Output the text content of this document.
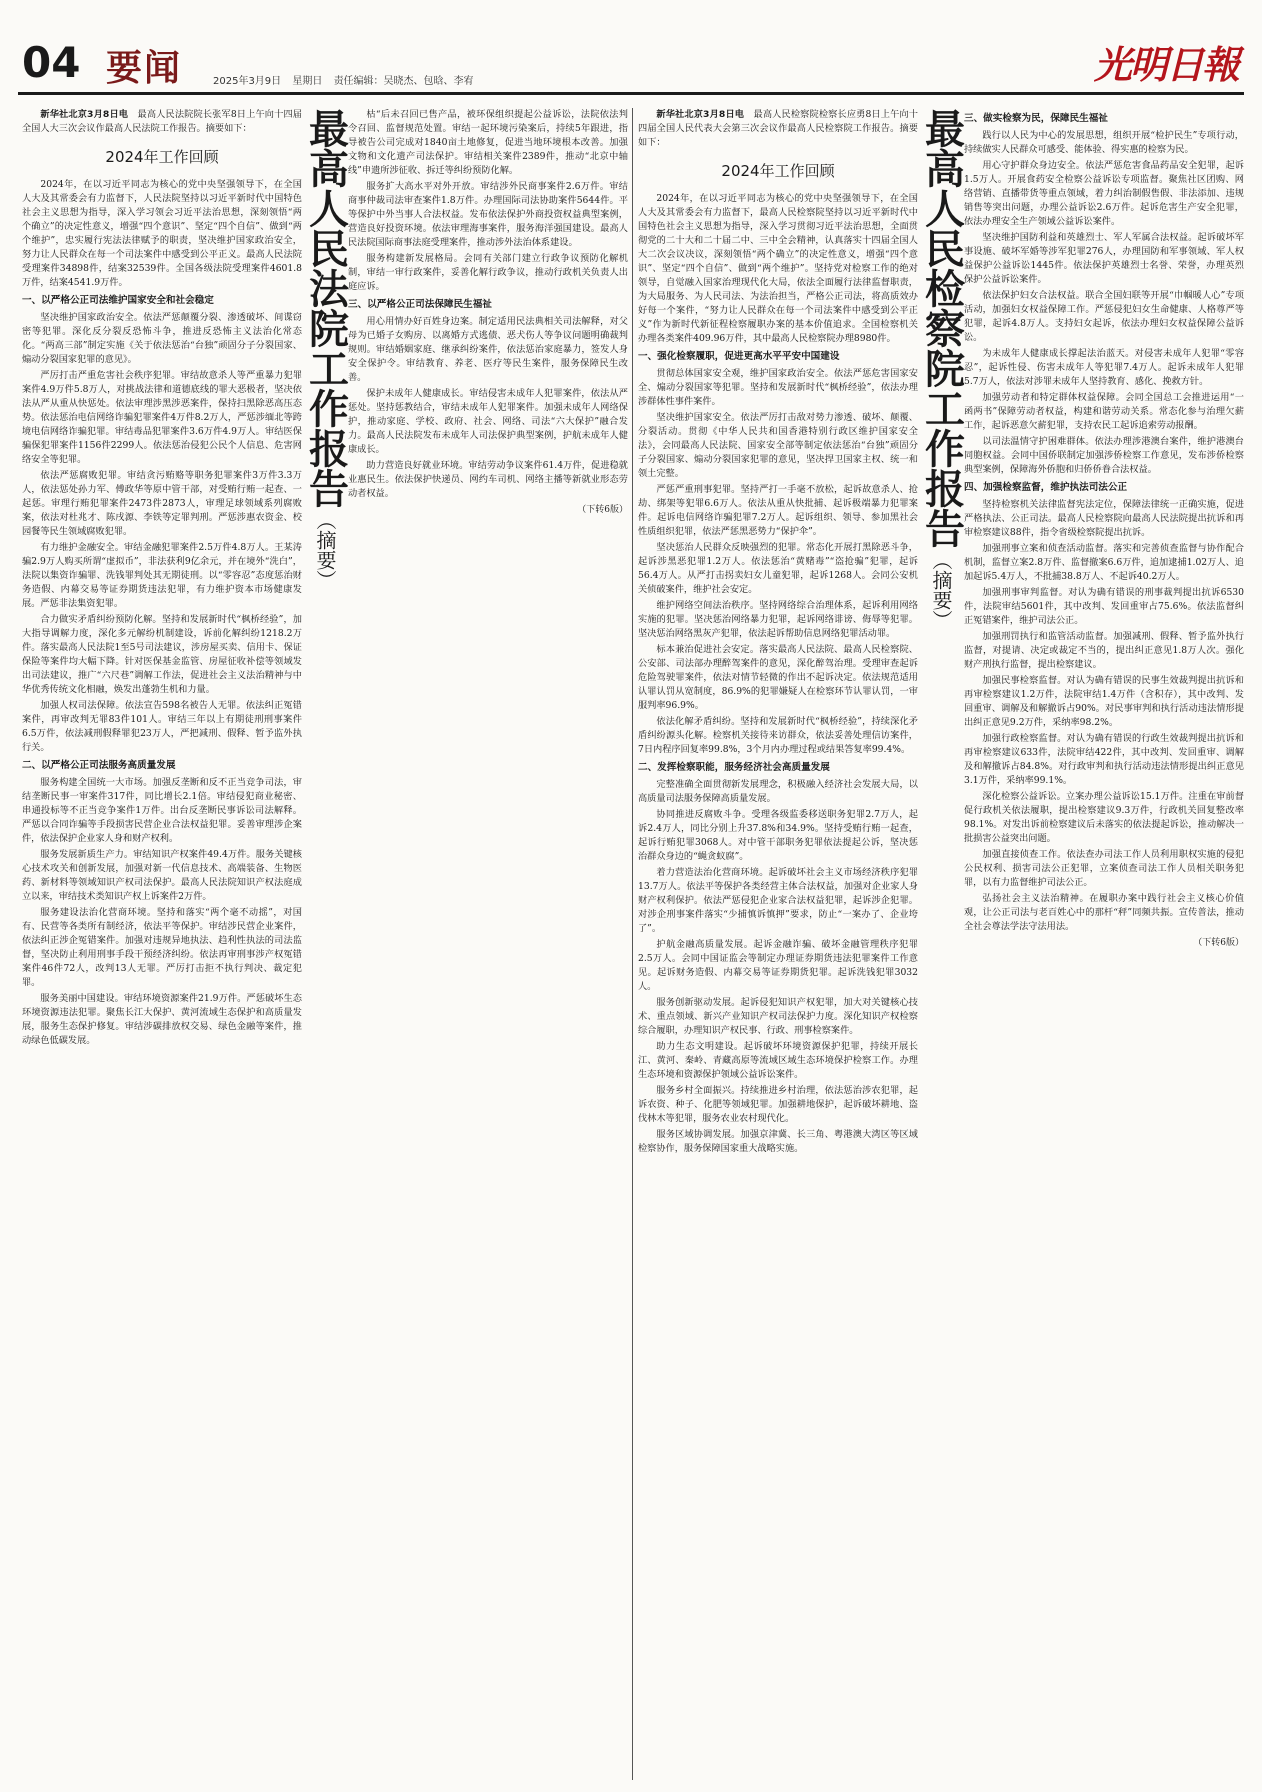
04 要闻	2025年3月9日 星期日 责任编辑：吴晓杰、包晗、李宥	光明日報

新华社北京3月8日电　 最高人民法院院长张军8日上午向十四届全国人大三次会议作最高人民法院工作报告。摘要如下：

2024年工作回顾

2024年，在以习近平同志为核心的党中央坚强领导下，在全国人大及其常委会有力监督下，人民法院坚持以习近平新时代中国特色社会主义思想为指导，深入学习领会习近平法治思想，深刻领悟“两个确立”的决定性意义，增强“四个意识”、坚定“四个自信”、做到“两个维护”，忠实履行宪法法律赋予的职责，坚决维护国家政治安全，努力让人民群众在每一个司法案件中感受到公平正义。最高人民法院受理案件34898件，结案32539件。全国各级法院受理案件4601.8万件，结案4541.9万件。

一、以严格公正司法维护国家安全和社会稳定

坚决维护国家政治安全。依法严惩颠覆分裂、渗透破坏、间谍窃密等犯罪。深化反分裂反恐怖斗争，推进反恐怖主义法治化常态化。“两高三部”制定实施《关于依法惩治“台独”顽固分子分裂国家、煽动分裂国家犯罪的意见》。

严厉打击严重危害社会秩序犯罪。审结故意杀人等严重暴力犯罪案件4.9万件5.8万人，对挑战法律和道德底线的罪大恶极者，坚决依法从严从重从快惩处。依法审理涉黑涉恶案件，保持扫黑除恶高压态势。依法惩治电信网络诈骗犯罪案件4万件8.2万人，严惩涉缅北等跨境电信网络诈骗犯罪。审结毒品犯罪案件3.6万件4.9万人。审结医保骗保犯罪案件1156件2299人。依法惩治侵犯公民个人信息、危害网络安全等犯罪。

依法严惩腐败犯罪。审结贪污贿赂等职务犯罪案件3万件3.3万人，依法惩处孙力军、傅政华等原中管干部，对受贿行贿一起查、一起惩。审理行贿犯罪案件2473件2873人，审理足球领域系列腐败案，依法对杜兆才、陈戌源、李铁等定罪判刑。严惩涉惠农资金、校园餐等民生领域腐败犯罪。

有力维护金融安全。审结金融犯罪案件2.5万件4.8万人。王某涛骗2.9万人购买所谓“虚拟币”，非法获利9亿余元，并在境外“洗白”，法院以集资诈骗罪、洗钱罪判处其无期徒刑。以“零容忍”态度惩治财务造假、内幕交易等证券期货违法犯罪，有力维护资本市场健康发展。严惩非法集资犯罪。

合力做实矛盾纠纷预防化解。坚持和发展新时代“枫桥经验”，加大指导调解力度，深化多元解纷机制建设，诉前化解纠纷1218.2万件。落实最高人民法院1至5号司法建议，涉房屋买卖、信用卡、保证保险等案件均大幅下降。针对医保基金监管、房屋征收补偿等领域发出司法建议，推广“六尺巷”调解工作法，促进社会主义法治精神与中华优秀传统文化相融，焕发出蓬勃生机和力量。

加强人权司法保障。依法宣告598名被告人无罪。依法纠正冤错案件，再审改判无罪83件101人。审结三年以上有期徒刑刑事案件6.5万件，依法减刑假释罪犯23万人，严把减刑、假释、暂予监外执行关。

二、以严格公正司法服务高质量发展

服务构建全国统一大市场。加强反垄断和反不正当竞争司法，审结垄断民事一审案件317件，同比增长2.1倍。审结侵犯商业秘密、串通投标等不正当竞争案件1万件。出台反垄断民事诉讼司法解释。严惩以合同诈骗等手段损害民营企业合法权益犯罪。妥善审理涉企案件，依法保护企业家人身和财产权利。

服务发展新质生产力。审结知识产权案件49.4万件。服务关键核心技术攻关和创新发展，加强对新一代信息技术、高端装备、生物医药、新材料等领域知识产权司法保护。最高人民法院知识产权法庭成立以来，审结技术类知识产权上诉案件2万件。

服务建设法治化营商环境。坚持和落实“两个毫不动摇”，对国有、民营等各类所有制经济，依法平等保护。审结涉民营企业案件，依法纠正涉企冤错案件。加强对违规异地执法、趋利性执法的司法监督，坚决防止利用刑事手段干预经济纠纷。依法再审刑事涉产权冤错案件46件72人，改判13人无罪。严厉打击拒不执行判决、裁定犯罪。

服务美丽中国建设。审结环境资源案件21.9万件。严惩破坏生态环境资源违法犯罪。聚焦长江大保护、黄河流域生态保护和高质量发展，服务生态保护修复。审结涉碳排放权交易、绿色金融等案件，推动绿色低碳发展。

最高人民法院工作报告
（摘要）

枯“后未召回已售产品，被环保组织提起公益诉讼，法院依法判令召回、监督规范处置。审结一起环境污染案后，持续5年跟进，指导被告公司完成对1840亩土地修复，促进当地环境根本改善。加强文物和文化遗产司法保护。审结相关案件2389件，推动“北京中轴线”申遗所涉征收、拆迁等纠纷预防化解。

服务扩大高水平对外开放。审结涉外民商事案件2.6万件。审结商事仲裁司法审查案件1.8万件。办理国际司法协助案件5644件。平等保护中外当事人合法权益。发布依法保护外商投资权益典型案例，营造良好投资环境。依法审理海事案件，服务海洋强国建设。最高人民法院国际商事法庭受理案件，推动涉外法治体系建设。

服务构建新发展格局。会同有关部门建立行政争议预防化解机制，审结一审行政案件，妥善化解行政争议，推动行政机关负责人出庭应诉。

三、以严格公正司法保障民生福祉

用心用情办好百姓身边案。制定适用民法典相关司法解释，对父母为已婚子女购房、以离婚方式逃债、恶犬伤人等争议问题明确裁判规则。审结婚姻家庭、继承纠纷案件，依法惩治家庭暴力，签发人身安全保护令。审结教育、养老、医疗等民生案件，服务保障民生改善。

保护未成年人健康成长。审结侵害未成年人犯罪案件，依法从严惩处。坚持惩教结合，审结未成年人犯罪案件。加强未成年人网络保护，推动家庭、学校、政府、社会、网络、司法“六大保护”融合发力。最高人民法院发布未成年人司法保护典型案例，护航未成年人健康成长。

助力营造良好就业环境。审结劳动争议案件61.4万件，促进稳就业惠民生。依法保护快递员、网约车司机、网络主播等新就业形态劳动者权益。

（下转6版）

新华社北京3月8日电　 最高人民检察院检察长应勇8日上午向十四届全国人民代表大会第三次会议作最高人民检察院工作报告。摘要如下：

2024年工作回顾

2024年，在以习近平同志为核心的党中央坚强领导下，在全国人大及其常委会有力监督下，最高人民检察院坚持以习近平新时代中国特色社会主义思想为指导，深入学习贯彻习近平法治思想，全面贯彻党的二十大和二十届二中、三中全会精神，认真落实十四届全国人大二次会议决议，深刻领悟“两个确立”的决定性意义，增强“四个意识”、坚定“四个自信”、做到“两个维护”。坚持党对检察工作的绝对领导，自觉融入国家治理现代化大局，依法全面履行法律监督职责，为大局服务、为人民司法、为法治担当，严格公正司法，将高质效办好每一个案件，“努力让人民群众在每一个司法案件中感受到公平正义”作为新时代新征程检察履职办案的基本价值追求。全国检察机关办理各类案件409.96万件，其中最高人民检察院办理8980件。

一、强化检察履职，促进更高水平平安中国建设

贯彻总体国家安全观，维护国家政治安全。依法严惩危害国家安全、煽动分裂国家等犯罪。坚持和发展新时代“枫桥经验”，依法办理涉群体性事件案件。

坚决维护国家安全。依法严厉打击敌对势力渗透、破坏、颠覆、分裂活动。贯彻《中华人民共和国香港特别行政区维护国家安全法》，会同最高人民法院、国家安全部等制定依法惩治“台独”顽固分子分裂国家、煽动分裂国家犯罪的意见，坚决捍卫国家主权、统一和领土完整。

严惩严重刑事犯罪。坚持严打一手毫不放松，起诉故意杀人、抢劫、绑架等犯罪6.6万人。依法从重从快批捕、起诉极端暴力犯罪案件。起诉电信网络诈骗犯罪7.2万人。起诉组织、领导、参加黑社会性质组织犯罪，依法严惩黑恶势力“保护伞”。

坚决惩治人民群众反映强烈的犯罪。常态化开展打黑除恶斗争，起诉涉黑恶犯罪1.2万人。依法惩治“黄赌毒”“盗抢骗”犯罪，起诉56.4万人。从严打击拐卖妇女儿童犯罪，起诉1268人。会同公安机关侦破案件，维护社会安定。

维护网络空间法治秩序。坚持网络综合治理体系，起诉利用网络实施的犯罪。坚决惩治网络暴力犯罪，起诉网络诽谤、侮辱等犯罪。坚决惩治网络黑灰产犯罪，依法起诉帮助信息网络犯罪活动罪。

标本兼治促进社会安定。落实最高人民法院、最高人民检察院、公安部、司法部办理醉驾案件的意见，深化醉驾治理。受理审查起诉危险驾驶罪案件，依法对情节轻微的作出不起诉决定。依法规范适用认罪认罚从宽制度，86.9%的犯罪嫌疑人在检察环节认罪认罚，一审服判率96.9%。

依法化解矛盾纠纷。坚持和发展新时代“枫桥经验”，持续深化矛盾纠纷源头化解。检察机关接待来访群众，依法妥善处理信访案件，7日内程序回复率99.8%，3个月内办理过程或结果答复率99.4%。

二、发挥检察职能，服务经济社会高质量发展

完整准确全面贯彻新发展理念，积极融入经济社会发展大局，以高质量司法服务保障高质量发展。

协同推进反腐败斗争。受理各级监委移送职务犯罪2.7万人，起诉2.4万人，同比分别上升37.8%和34.9%。坚持受贿行贿一起查，起诉行贿犯罪3068人。对中管干部职务犯罪依法提起公诉，坚决惩治群众身边的“蝇贪蚁腐”。

着力营造法治化营商环境。起诉破坏社会主义市场经济秩序犯罪13.7万人。依法平等保护各类经营主体合法权益，加强对企业家人身财产权利保护。依法严惩侵犯企业家合法权益犯罪，起诉涉企犯罪。对涉企刑事案件落实“少捕慎诉慎押”要求，防止“一案办了、企业垮了”。

护航金融高质量发展。起诉金融诈骗、破坏金融管理秩序犯罪2.5万人。会同中国证监会等制定办理证券期货违法犯罪案件工作意见。起诉财务造假、内幕交易等证券期货犯罪。起诉洗钱犯罪3032人。

服务创新驱动发展。起诉侵犯知识产权犯罪，加大对关键核心技术、重点领域、新兴产业知识产权司法保护力度。深化知识产权检察综合履职，办理知识产权民事、行政、刑事检察案件。

助力生态文明建设。起诉破坏环境资源保护犯罪，持续开展长江、黄河、秦岭、青藏高原等流域区域生态环境保护检察工作。办理生态环境和资源保护领域公益诉讼案件。

服务乡村全面振兴。持续推进乡村治理，依法惩治涉农犯罪，起诉农资、种子、化肥等领域犯罪。加强耕地保护，起诉破坏耕地、盗伐林木等犯罪，服务农业农村现代化。

服务区域协调发展。加强京津冀、长三角、粤港澳大湾区等区域检察协作，服务保障国家重大战略实施。

最高人民检察院工作报告
（摘要）
三、做实检察为民，保障民生福祉

践行以人民为中心的发展思想，组织开展“检护民生”专项行动，持续做实人民群众可感受、能体验、得实惠的检察为民。

用心守护群众身边安全。依法严惩危害食品药品安全犯罪，起诉1.5万人。开展食药安全检察公益诉讼专项监督。聚焦社区团购、网络营销、直播带货等重点领域，着力纠治制假售假、非法添加、违规销售等突出问题，办理公益诉讼2.6万件。起诉危害生产安全犯罪，依法办理安全生产领域公益诉讼案件。

坚决维护国防利益和英雄烈士、军人军属合法权益。起诉破坏军事设施、破坏军婚等涉军犯罪276人，办理国防和军事领域、军人权益保护公益诉讼1445件。依法保护英雄烈士名誉、荣誉，办理英烈保护公益诉讼案件。

依法保护妇女合法权益。联合全国妇联等开展“巾帼暖人心”专项活动，加强妇女权益保障工作。严惩侵犯妇女生命健康、人格尊严等犯罪，起诉4.8万人。支持妇女起诉，依法办理妇女权益保障公益诉讼。

为未成年人健康成长撑起法治蓝天。对侵害未成年人犯罪“零容忍”，起诉性侵、伤害未成年人等犯罪7.4万人。起诉未成年人犯罪5.7万人，依法对涉罪未成年人坚持教育、感化、挽救方针。

加强劳动者和特定群体权益保障。会同全国总工会推进运用“一函两书”保障劳动者权益，构建和谐劳动关系。常态化参与治理欠薪工作，起诉恶意欠薪犯罪，支持农民工起诉追索劳动报酬。

以司法温情守护困难群体。依法办理涉港澳台案件，维护港澳台同胞权益。会同中国侨联制定加强涉侨检察工作意见，发布涉侨检察典型案例，保障海外侨胞和归侨侨眷合法权益。

四、加强检察监督，维护执法司法公正

坚持检察机关法律监督宪法定位，保障法律统一正确实施，促进严格执法、公正司法。最高人民检察院向最高人民法院提出抗诉和再审检察建议88件，指令省级检察院提出抗诉。

加强刑事立案和侦查活动监督。落实和完善侦查监督与协作配合机制，监督立案2.8万件、监督撤案6.6万件，追加逮捕1.02万人、追加起诉5.4万人，不批捕38.8万人、不起诉40.2万人。

加强刑事审判监督。对认为确有错误的刑事裁判提出抗诉6530件，法院审结5601件，其中改判、发回重审占75.6%。依法监督纠正冤错案件，维护司法公正。

加强刑罚执行和监管活动监督。加强减刑、假释、暂予监外执行监督，对提请、决定或裁定不当的，提出纠正意见1.8万人次。强化财产刑执行监督，提出检察建议。

加强民事检察监督。对认为确有错误的民事生效裁判提出抗诉和再审检察建议1.2万件，法院审结1.4万件（含积存），其中改判、发回重审、调解及和解撤诉占90%。对民事审判和执行活动违法情形提出纠正意见9.2万件，采纳率98.2%。

加强行政检察监督。对认为确有错误的行政生效裁判提出抗诉和再审检察建议633件，法院审结422件，其中改判、发回重审、调解及和解撤诉占84.8%。对行政审判和执行活动违法情形提出纠正意见3.1万件，采纳率99.1%。

深化检察公益诉讼。立案办理公益诉讼15.1万件。注重在审前督促行政机关依法履职，提出检察建议9.3万件，行政机关回复整改率98.1%。对发出诉前检察建议后未落实的依法提起诉讼，推动解决一批损害公益突出问题。

加强直接侦查工作。依法查办司法工作人员利用职权实施的侵犯公民权利、损害司法公正犯罪，立案侦查司法工作人员相关职务犯罪，以有力监督维护司法公正。

弘扬社会主义法治精神。在履职办案中践行社会主义核心价值观，让公正司法与老百姓心中的那杆“秤”同频共振。宣传普法，推动全社会尊法学法守法用法。

（下转6版）
